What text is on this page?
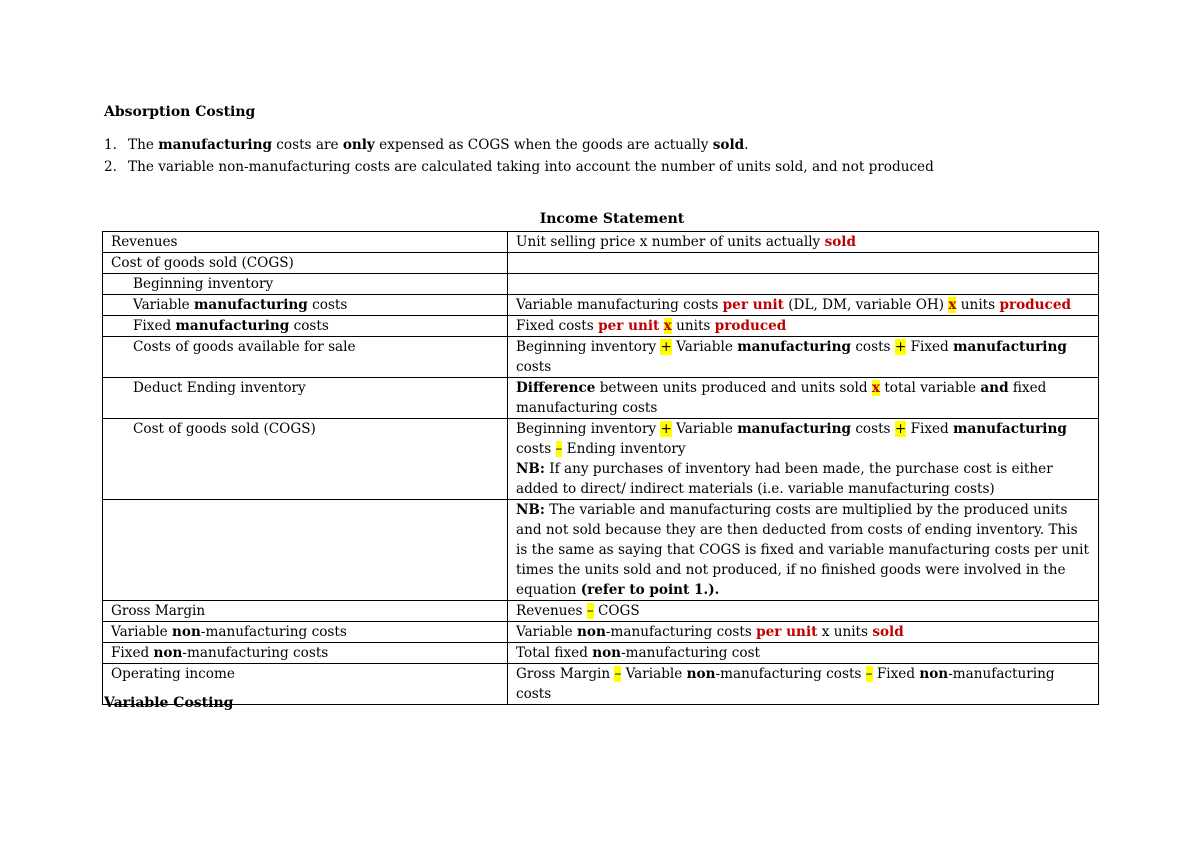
Absorption Costing
1. The manufacturing costs are only expensed as COGS when the goods are actually sold.
2. The variable non-manufacturing costs are calculated taking into account the number of units sold, and not produced
Income Statement
Revenues	Unit selling price x number of units actually sold
Cost of goods sold (COGS)	
Beginning inventory	
Variable manufacturing costs	Variable manufacturing costs per unit (DL, DM, variable OH) x units produced
Fixed manufacturing costs	Fixed costs per unit x units produced
Costs of goods available for sale	Beginning inventory + Variable manufacturing costs + Fixed manufacturing costs
Deduct Ending inventory	Difference between units produced and units sold x total variable and fixed manufacturing costs
Cost of goods sold (COGS)	Beginning inventory + Variable manufacturing costs + Fixed manufacturing costs – Ending inventory
NB: If any purchases of inventory had been made, the purchase cost is either added to direct/ indirect materials (i.e. variable manufacturing costs)
	NB: The variable and manufacturing costs are multiplied by the produced units and not sold because they are then deducted from costs of ending inventory. This is the same as saying that COGS is fixed and variable manufacturing costs per unit times the units sold and not produced, if no finished goods were involved in the equation (refer to point 1.).
Gross Margin	Revenues – COGS
Variable non-manufacturing costs	Variable non-manufacturing costs per unit x units sold
Fixed non-manufacturing costs	Total fixed non-manufacturing cost
Operating income	Gross Margin – Variable non-manufacturing costs – Fixed non-manufacturing costs
Variable Costing
